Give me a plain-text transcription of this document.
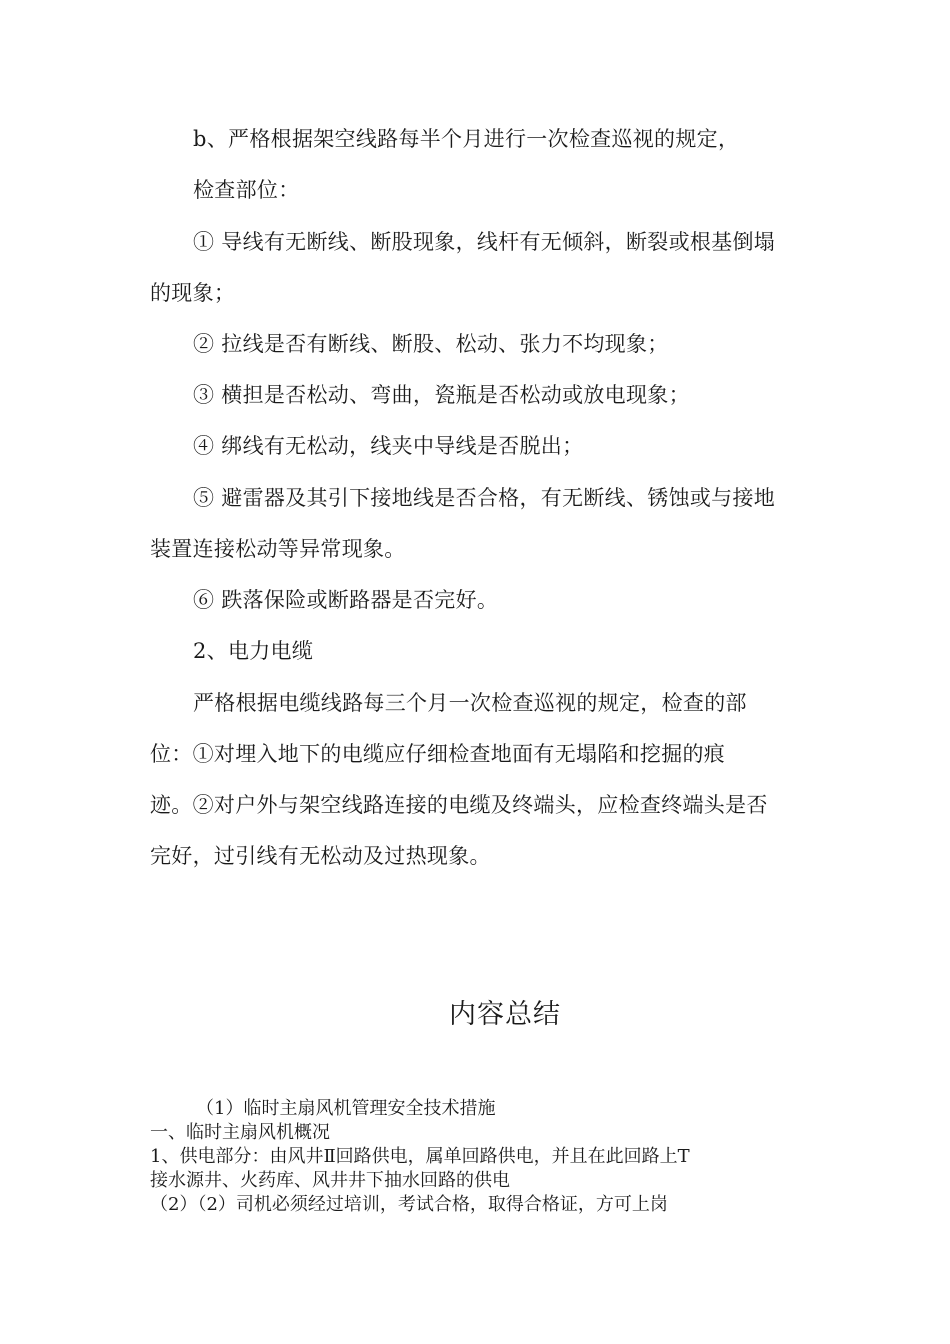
b、严格根据架空线路每半个月进行一次检查巡视的规定，
检查部位：
① 导线有无断线、断股现象，线杆有无倾斜，断裂或根基倒塌
的现象；
② 拉线是否有断线、断股、松动、张力不均现象；
③ 横担是否松动、弯曲，瓷瓶是否松动或放电现象；
④ 绑线有无松动，线夹中导线是否脱出；
⑤ 避雷器及其引下接地线是否合格，有无断线、锈蚀或与接地
装置连接松动等异常现象。
⑥ 跌落保险或断路器是否完好。
2、电力电缆
严格根据电缆线路每三个月一次检查巡视的规定，检查的部
位：①对埋入地下的电缆应仔细检查地面有无塌陷和挖掘的痕
迹。②对户外与架空线路连接的电缆及终端头，应检查终端头是否
完好，过引线有无松动及过热现象。
内容总结
（1）临时主扇风机管理安全技术措施
一、临时主扇风机概况
1、供电部分：由风井Ⅱ回路供电，属单回路供电，并且在此回路上T
接水源井、火药库、风井井下抽水回路的供电
（2）（2）司机必须经过培训，考试合格，取得合格证，方可上岗
